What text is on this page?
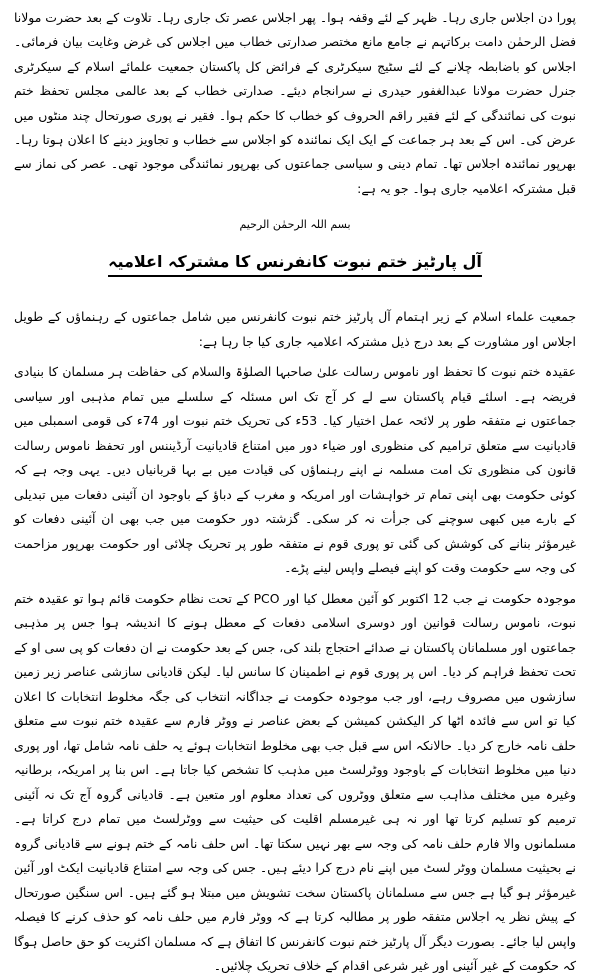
پورا دن اجلاس جاری رہا۔ ظہر کے لئے وقفہ ہوا۔ پھر اجلاس عصر تک جاری رہا۔ تلاوت کے بعد حضرت مولانا فضل الرحمٰن دامت برکاتہم نے جامع مانع مختصر صدارتی خطاب میں اجلاس کی غرض وغایت بیان فرمائی۔ اجلاس کو باضابطہ چلانے کے لئے سٹیج سیکرٹری کے فرائض کل پاکستان جمعیت علمائے اسلام کے سیکرٹری جنرل حضرت مولانا عبدالغفور حیدری نے سرانجام دیئے۔ صدارتی خطاب کے بعد عالمی مجلس تحفظ ختم نبوت کی نمائندگی کے لئے فقیر راقم الحروف کو خطاب کا حکم ہوا۔ فقیر نے پوری صورتحال چند منٹوں میں عرض کی۔ اس کے بعد ہر جماعت کے ایک ایک نمائندہ کو اجلاس سے خطاب و تجاویز دینے کا اعلان ہوتا رہا۔ بھرپور نمائندہ اجلاس تھا۔ تمام دینی و سیاسی جماعتوں کی بھرپور نمائندگی موجود تھی۔ عصر کی نماز سے قبل مشترکہ اعلامیہ جاری ہوا۔ جو یہ ہے:

بسم اللہ الرحمٰن الرحیم
آل پارٹیز ختم نبوت کانفرنس کا مشترکہ اعلامیہ

جمعیت علماء اسلام کے زیر اہتمام آل پارٹیز ختم نبوت کانفرنس میں شامل جماعتوں کے رہنماؤں کے طویل اجلاس اور مشاورت کے بعد درج ذیل مشترکہ اعلامیہ جاری کیا جا رہا ہے:

عقیدہ ختم نبوت کا تحفظ اور ناموس رسالت علیٰ صاحبہا الصلوٰۃ والسلام کی حفاظت ہر مسلمان کا بنیادی فریضہ ہے۔ اسلئے قیام پاکستان سے لے کر آج تک اس مسئلہ کے سلسلے میں تمام مذہبی اور سیاسی جماعتوں نے متفقہ طور پر لائحہ عمل اختیار کیا۔ 53ء کی تحریک ختم نبوت اور 74ء کی قومی اسمبلی میں قادیانیت سے متعلق ترامیم کی منظوری اور ضیاء دور میں امتناع قادیانیت آرڈیننس اور تحفظ ناموس رسالت قانون کی منظوری تک امت مسلمہ نے اپنے رہنماؤں کی قیادت میں بے بہا قربانیاں دیں۔ یہی وجہ ہے کہ کوئی حکومت بھی اپنی تمام تر خواہشات اور امریکہ و مغرب کے دباؤ کے باوجود ان آئینی دفعات میں تبدیلی کے بارے میں کبھی سوچنے کی جرأت نہ کر سکی۔ گزشتہ دور حکومت میں جب بھی ان آئینی دفعات کو غیرمؤثر بنانے کی کوشش کی گئی تو پوری قوم نے متفقہ طور پر تحریک چلائی اور حکومت بھرپور مزاحمت کی وجہ سے حکومت وقت کو اپنے فیصلے واپس لینے پڑے۔

موجودہ حکومت نے جب 12 اکتوبر کو آئین معطل کیا اور PCO کے تحت نظام حکومت قائم ہوا تو عقیدہ ختم نبوت، ناموس رسالت قوانین اور دوسری اسلامی دفعات کے معطل ہونے کا اندیشہ ہوا جس پر مذہبی جماعتوں اور مسلمانان پاکستان نے صدائے احتجاج بلند کی، جس کے بعد حکومت نے ان دفعات کو پی سی او کے تحت تحفظ فراہم کر دیا۔ اس پر پوری قوم نے اطمینان کا سانس لیا۔ لیکن قادیانی سازشی عناصر زیر زمین سازشوں میں مصروف رہے، اور جب موجودہ حکومت نے جداگانہ انتخاب کی جگہ مخلوط انتخابات کا اعلان کیا تو اس سے فائدہ اٹھا کر الیکشن کمیشن کے بعض عناصر نے ووٹر فارم سے عقیدہ ختم نبوت سے متعلق حلف نامہ خارج کر دیا۔ حالانکہ اس سے قبل جب بھی مخلوط انتخابات ہوئے یہ حلف نامہ شامل تھا، اور پوری دنیا میں مخلوط انتخابات کے باوجود ووٹرلسٹ میں مذہب کا تشخص کیا جاتا ہے۔ اس بنا پر امریکہ، برطانیہ وغیرہ میں مختلف مذاہب سے متعلق ووٹروں کی تعداد معلوم اور متعین ہے۔ قادیانی گروہ آج تک نہ آئینی ترمیم کو تسلیم کرتا تھا اور نہ ہی غیرمسلم اقلیت کی حیثیت سے ووٹرلسٹ میں تمام درج کراتا ہے۔ مسلمانوں والا فارم حلف نامہ کی وجہ سے بھر نہیں سکتا تھا۔ اس حلف نامہ کے ختم ہونے سے قادیانی گروہ نے بحیثیت مسلمان ووٹر لسٹ میں اپنے نام درج کرا دیئے ہیں۔ جس کی وجہ سے امتناع قادیانیت ایکٹ اور آئین غیرمؤثر ہو گیا ہے جس سے مسلمانان پاکستان سخت تشویش میں مبتلا ہو گئے ہیں۔ اس سنگین صورتحال کے پیش نظر یہ اجلاس متفقہ طور پر مطالبہ کرتا ہے کہ ووٹر فارم میں حلف نامہ کو حذف کرنے کا فیصلہ واپس لیا جائے۔ بصورت دیگر آل پارٹیز ختم نبوت کانفرنس کا اتفاق ہے کہ مسلمان اکثریت کو حق حاصل ہوگا کہ حکومت کے غیر آئینی اور غیر شرعی اقدام کے خلاف تحریک چلائیں۔
